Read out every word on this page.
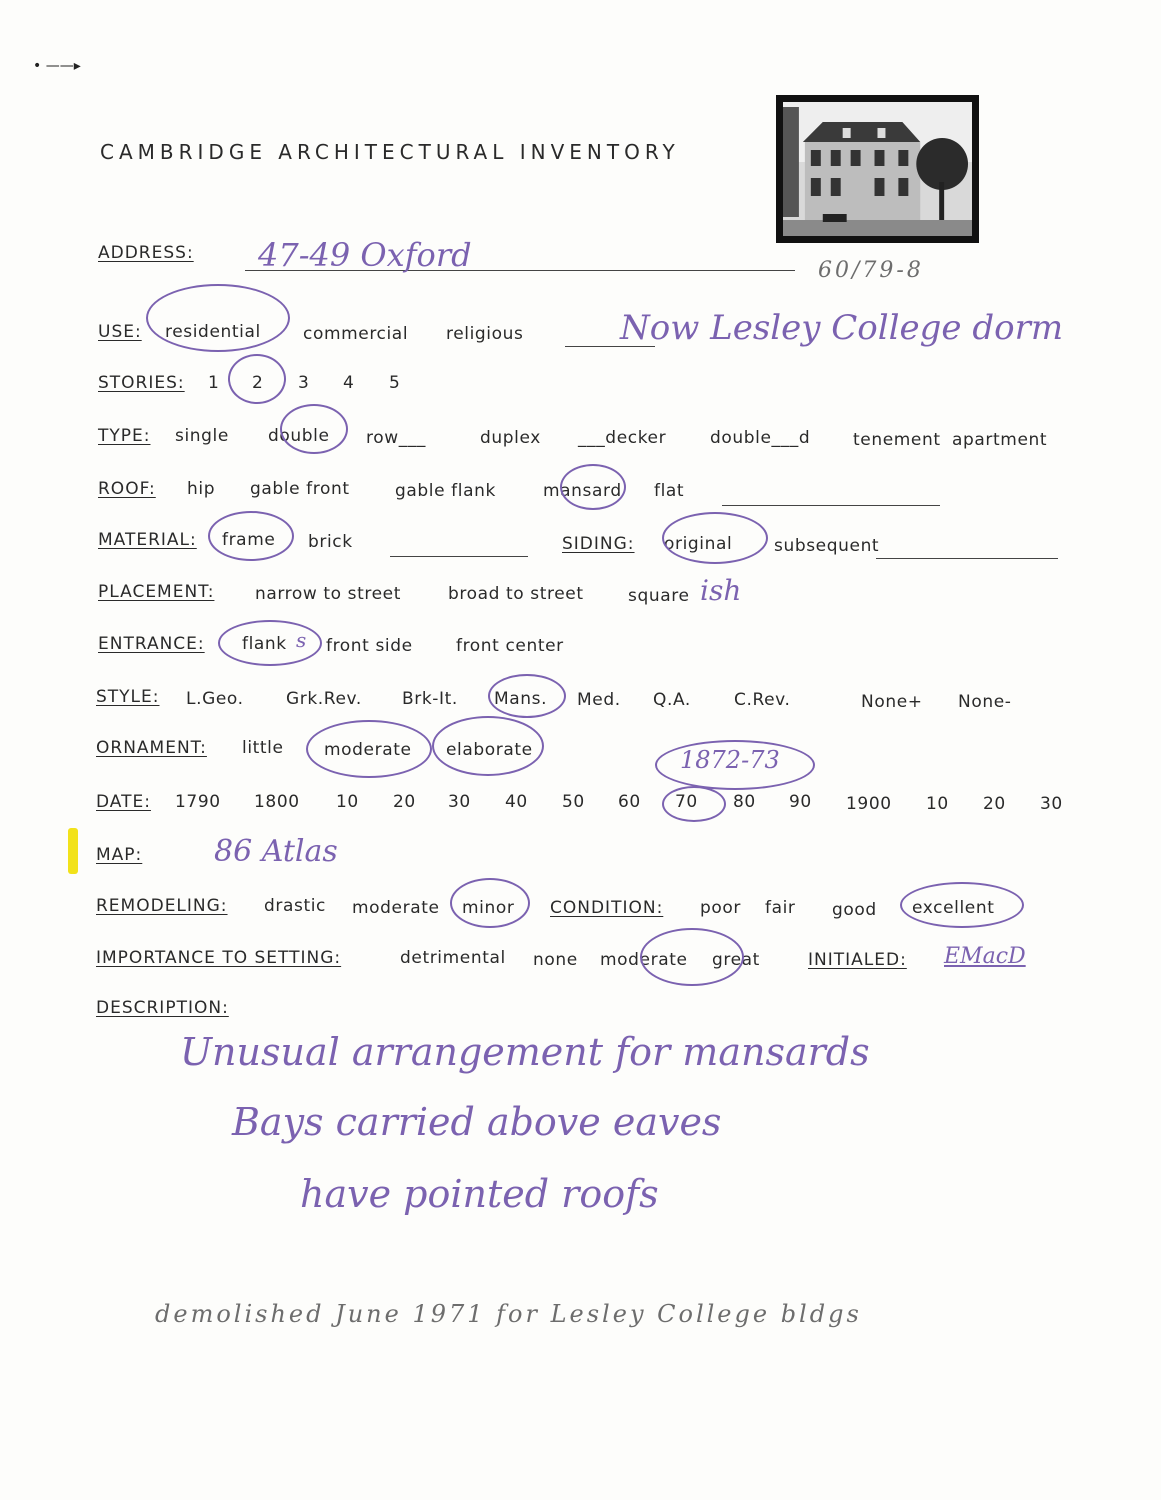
• ——▸
CAMBRIDGE ARCHITECTURAL INVENTORY
ADDRESS: 47-49 Oxford	60/79-8
USE: residential commercial religious	Now Lesley College dorm
STORIES: 1 2 3 4 5
TYPE: single double row___	duplex ___decker	double___d	tenement apartment
ROOF: hip gable front	gable flank	mansard flat
MATERIAL: frame brick	SIDING: original subsequent
PLACEMENT: narrow to street	broad to street	square ish
ENTRANCE: flank s front side	front center
STYLE: L.Geo. Grk.Rev. Brk-It. Mans. Med. Q.A.	C.Rev.	None+ None-
ORNAMENT: little moderate elaborate	1872-73
DATE: 1790 1800 10 20 30 40 50 60 70 80 90 1900 10 20 30
MAP: 86 Atlas
REMODELING: drastic moderate minor CONDITION: poor fair good excellent
IMPORTANCE TO SETTING:	detrimental none moderate great	INITIALED: EMacD
DESCRIPTION:
Unusual arrangement for mansards
Bays carried above eaves
have pointed roofs
demolished June 1971 for Lesley College bldgs
